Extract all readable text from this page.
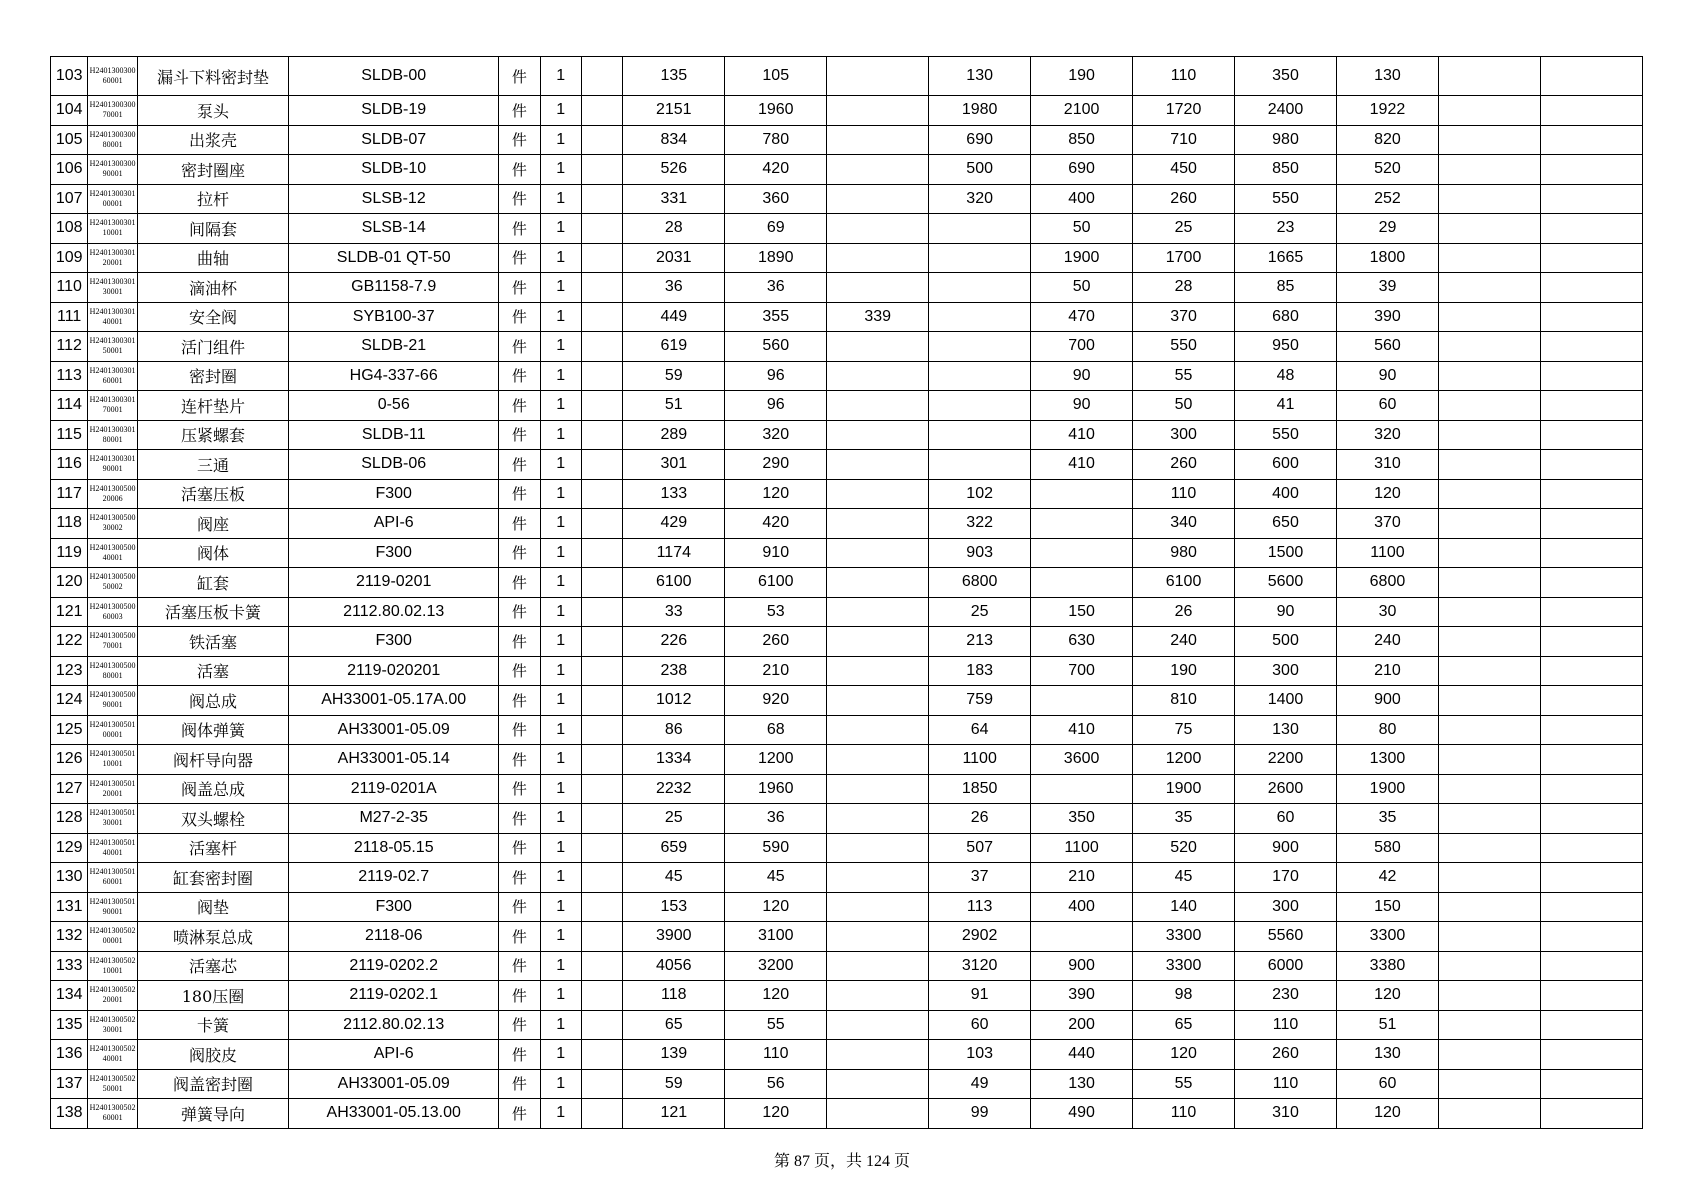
103	H240130030060001	漏斗下料密封垫	SLDB-00	件	1		135	105		130	190	110	350	130		
104	H240130030070001	泵头	SLDB-19	件	1		2151	1960		1980	2100	1720	2400	1922		
105	H240130030080001	出浆壳	SLDB-07	件	1		834	780		690	850	710	980	820		
106	H240130030090001	密封圈座	SLDB-10	件	1		526	420		500	690	450	850	520		
107	H240130030100001	拉杆	SLSB-12	件	1		331	360		320	400	260	550	252		
108	H240130030110001	间隔套	SLSB-14	件	1		28	69			50	25	23	29		
109	H240130030120001	曲轴	SLDB-01 QT-50	件	1		2031	1890			1900	1700	1665	1800		
110	H240130030130001	滴油杯	GB1158-7.9	件	1		36	36			50	28	85	39		
111	H240130030140001	安全阀	SYB100-37	件	1		449	355	339		470	370	680	390		
112	H240130030150001	活门组件	SLDB-21	件	1		619	560			700	550	950	560		
113	H240130030160001	密封圈	HG4-337-66	件	1		59	96			90	55	48	90		
114	H240130030170001	连杆垫片	0-56	件	1		51	96			90	50	41	60		
115	H240130030180001	压紧螺套	SLDB-11	件	1		289	320			410	300	550	320		
116	H240130030190001	三通	SLDB-06	件	1		301	290			410	260	600	310		
117	H240130050020006	活塞压板	F300	件	1		133	120		102		110	400	120		
118	H240130050030002	阀座	API-6	件	1		429	420		322		340	650	370		
119	H240130050040001	阀体	F300	件	1		1174	910		903		980	1500	1100		
120	H240130050050002	缸套	2119-0201	件	1		6100	6100		6800		6100	5600	6800		
121	H240130050060003	活塞压板卡簧	2112.80.02.13	件	1		33	53		25	150	26	90	30		
122	H240130050070001	铁活塞	F300	件	1		226	260		213	630	240	500	240		
123	H240130050080001	活塞	2119-020201	件	1		238	210		183	700	190	300	210		
124	H240130050090001	阀总成	AH33001-05.17A.00	件	1		1012	920		759		810	1400	900		
125	H240130050100001	阀体弹簧	AH33001-05.09	件	1		86	68		64	410	75	130	80		
126	H240130050110001	阀杆导向器	AH33001-05.14	件	1		1334	1200		1100	3600	1200	2200	1300		
127	H240130050120001	阀盖总成	2119-0201A	件	1		2232	1960		1850		1900	2600	1900		
128	H240130050130001	双头螺栓	M27-2-35	件	1		25	36		26	350	35	60	35		
129	H240130050140001	活塞杆	2118-05.15	件	1		659	590		507	1100	520	900	580		
130	H240130050160001	缸套密封圈	2119-02.7	件	1		45	45		37	210	45	170	42		
131	H240130050190001	阀垫	F300	件	1		153	120		113	400	140	300	150		
132	H240130050200001	喷淋泵总成	2118-06	件	1		3900	3100		2902		3300	5560	3300		
133	H240130050210001	活塞芯	2119-0202.2	件	1		4056	3200		3120	900	3300	6000	3380		
134	H240130050220001	180压圈	2119-0202.1	件	1		118	120		91	390	98	230	120		
135	H240130050230001	卡簧	2112.80.02.13	件	1		65	55		60	200	65	110	51		
136	H240130050240001	阀胶皮	API-6	件	1		139	110		103	440	120	260	130		
137	H240130050250001	阀盖密封圈	AH33001-05.09	件	1		59	56		49	130	55	110	60		
138	H240130050260001	弹簧导向	AH33001-05.13.00	件	1		121	120		99	490	110	310	120		
第 87 页，共 124 页
